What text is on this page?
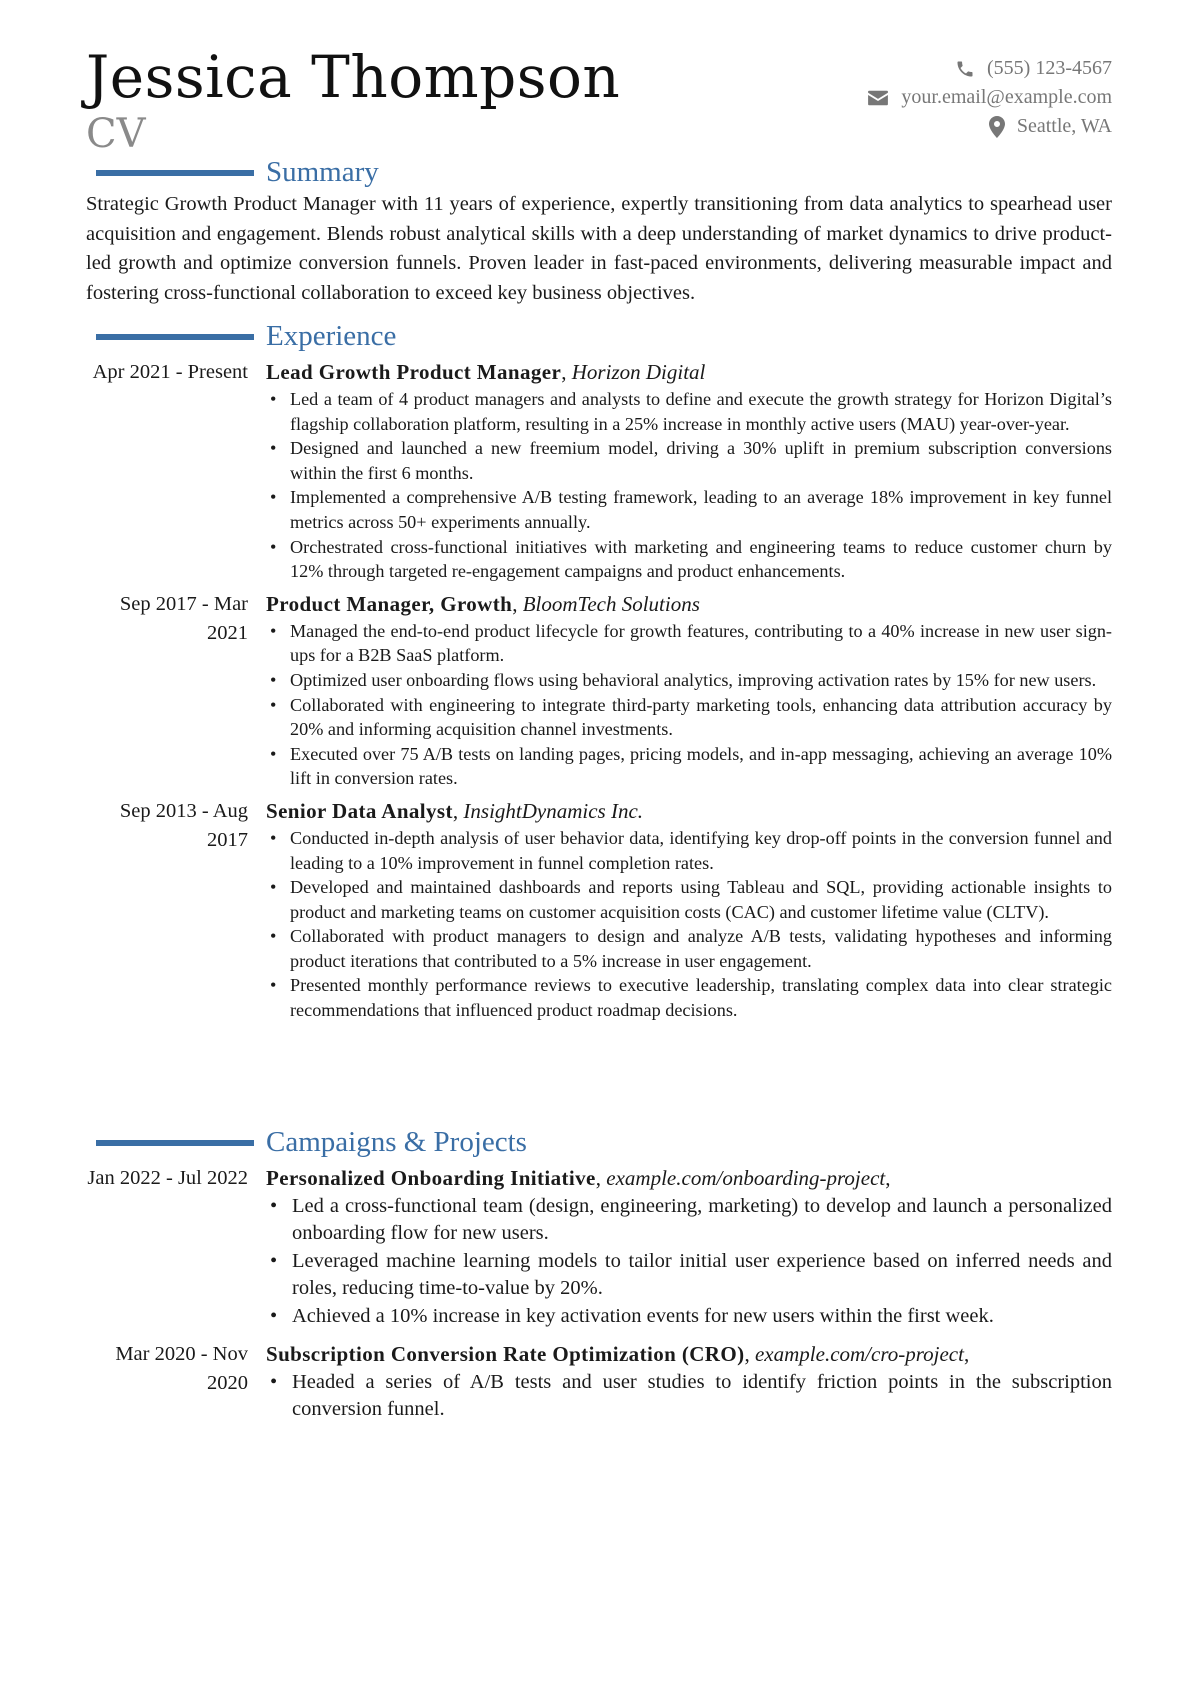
Jessica Thompson
CV
(555) 123-4567
your.email@example.com
Seattle, WA
Summary
Strategic Growth Product Manager with 11 years of experience, expertly transitioning from data analytics to spearhead user acquisition and engagement. Blends robust analytical skills with a deep understanding of market dynamics to drive product-led growth and optimize conversion funnels. Proven leader in fast-paced environments, delivering measurable impact and fostering cross-functional collaboration to exceed key business objectives.
Experience
Apr 2021 - Present Lead Growth Product Manager, Horizon Digital
• Led a team of 4 product managers and analysts to define and execute the growth strategy for Horizon Digital’s flagship collaboration platform, resulting in a 25% increase in monthly active users (MAU) year-over-year.
• Designed and launched a new freemium model, driving a 30% uplift in premium subscription conversions within the first 6 months.
• Implemented a comprehensive A/B testing framework, leading to an average 18% improvement in key funnel metrics across 50+ experiments annually.
• Orchestrated cross-functional initiatives with marketing and engineering teams to reduce customer churn by 12% through targeted re-engagement campaigns and product enhancements.
Sep 2017 - Mar 2021
Product Manager, Growth, BloomTech Solutions
• Managed the end-to-end product lifecycle for growth features, contributing to a 40% increase in new user sign-ups for a B2B SaaS platform.
• Optimized user onboarding flows using behavioral analytics, improving activation rates by 15% for new users.
• Collaborated with engineering to integrate third-party marketing tools, enhancing data attribution accuracy by 20% and informing acquisition channel investments.
• Executed over 75 A/B tests on landing pages, pricing models, and in-app messaging, achieving an average 10% lift in conversion rates.
Sep 2013 - Aug 2017
Senior Data Analyst, InsightDynamics Inc.
• Conducted in-depth analysis of user behavior data, identifying key drop-off points in the conversion funnel and leading to a 10% improvement in funnel completion rates.
• Developed and maintained dashboards and reports using Tableau and SQL, providing actionable insights to product and marketing teams on customer acquisition costs (CAC) and customer lifetime value (CLTV).
• Collaborated with product managers to design and analyze A/B tests, validating hypotheses and informing product iterations that contributed to a 5% increase in user engagement.
• Presented monthly performance reviews to executive leadership, translating complex data into clear strategic recommendations that influenced product roadmap decisions.
Campaigns & Projects
Jan 2022 - Jul 2022 Personalized Onboarding Initiative, example.com/onboarding-project,
• Led a cross-functional team (design, engineering, marketing) to develop and launch a personalized onboarding flow for new users.
• Leveraged machine learning models to tailor initial user experience based on inferred needs and roles, reducing time-to-value by 20%.
• Achieved a 10% increase in key activation events for new users within the first week.
Mar 2020 - Nov 2020
Subscription Conversion Rate Optimization (CRO), example.com/cro-project,
• Headed a series of A/B tests and user studies to identify friction points in the subscription conversion funnel.
